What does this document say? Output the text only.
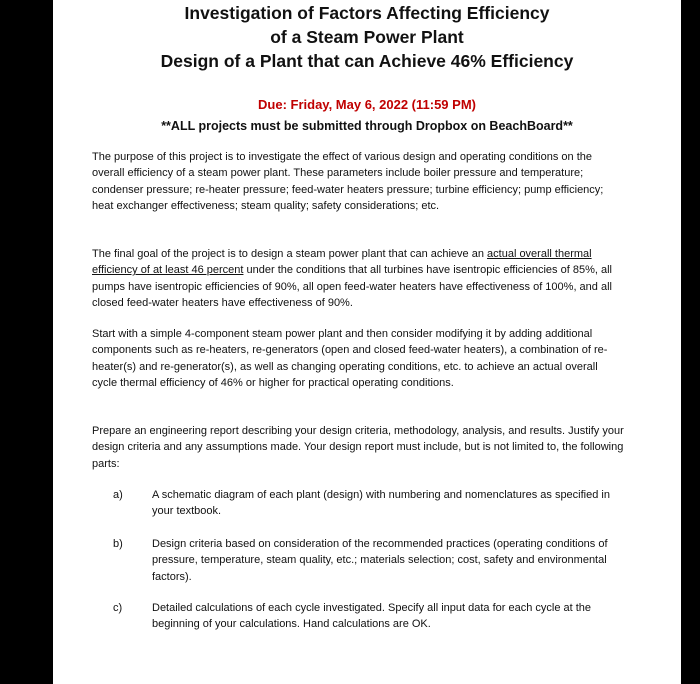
Investigation of Factors Affecting Efficiency
of a Steam Power Plant
Design of a Plant that can Achieve 46% Efficiency

Due: Friday, May 6, 2022 (11:59 PM)

**ALL projects must be submitted through Dropbox on BeachBoard**

The purpose of this project is to investigate the effect of various design and operating conditions on the overall efficiency of a steam power plant. These parameters include boiler pressure and temperature; condenser pressure; re-heater pressure; feed-water heaters pressure; turbine efficiency; pump efficiency; heat exchanger effectiveness; steam quality; safety considerations; etc.

The final goal of the project is to design a steam power plant that can achieve an actual overall thermal efficiency of at least 46 percent under the conditions that all turbines have isentropic efficiencies of 85%, all pumps have isentropic efficiencies of 90%, all open feed-water heaters have effectiveness of 100%, and all closed feed-water heaters have effectiveness of 90%.

Start with a simple 4-component steam power plant and then consider modifying it by adding additional components such as re-heaters, re-generators (open and closed feed-water heaters), a combination of re-heater(s) and re-generator(s), as well as changing operating conditions, etc. to achieve an actual overall cycle thermal efficiency of 46% or higher for practical operating conditions.

Prepare an engineering report describing your design criteria, methodology, analysis, and results. Justify your design criteria and any assumptions made. Your design report must include, but is not limited to, the following parts:

a)	A schematic diagram of each plant (design) with numbering and nomenclatures as specified in your textbook.

b)	Design criteria based on consideration of the recommended practices (operating conditions of pressure, temperature, steam quality, etc.; materials selection; cost, safety and environmental factors).

c)	Detailed calculations of each cycle investigated. Specify all input data for each cycle at the beginning of your calculations. Hand calculations are OK.
